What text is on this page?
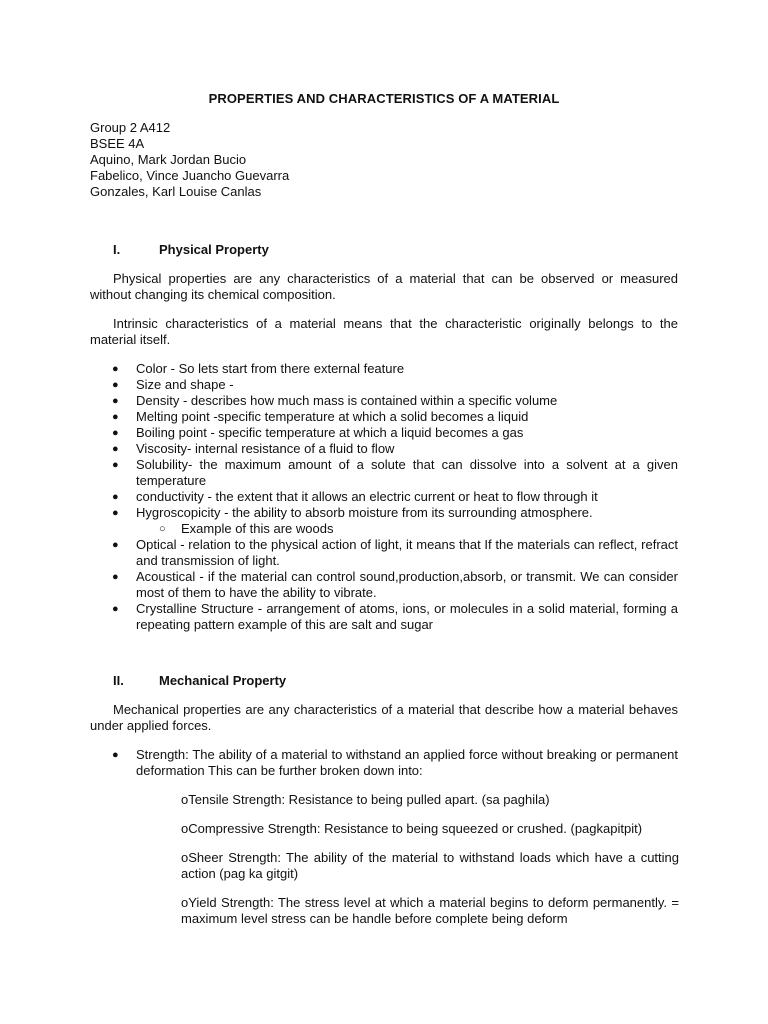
PROPERTIES AND CHARACTERISTICS OF A MATERIAL
Group 2 A412
BSEE 4A
Aquino, Mark Jordan Bucio
Fabelico, Vince Juancho Guevarra
Gonzales, Karl Louise Canlas
I.	Physical Property
Physical properties are any characteristics of a material that can be observed or measured without changing its chemical composition.
Intrinsic characteristics of a material means that the characteristic originally belongs to the material itself.
● Color - So lets start from there external feature
● Size and shape -
● Density - describes how much mass is contained within a specific volume
● Melting point -specific temperature at which a solid becomes a liquid
● Boiling point - specific temperature at which a liquid becomes a gas
● Viscosity- internal resistance of a fluid to flow
● Solubility- the maximum amount of a solute that can dissolve into a solvent at a given temperature
● conductivity - the extent that it allows an electric current or heat to flow through it
● Hygroscopicity - the ability to absorb moisture from its surrounding atmosphere.
○ Example of this are woods
● Optical - relation to the physical action of light, it means that If the materials can reflect, refract and transmission of light.
● Acoustical - if the material can control sound,production,absorb, or transmit. We can consider most of them to have the ability to vibrate.
● Crystalline Structure - arrangement of atoms, ions, or molecules in a solid material, forming a repeating pattern example of this are salt and sugar
II.	Mechanical Property
Mechanical properties are any characteristics of a material that describe how a material behaves under applied forces.
● Strength: The ability of a material to withstand an applied force without breaking or permanent deformation This can be further broken down into:
oTensile Strength: Resistance to being pulled apart. (sa paghila)
oCompressive Strength: Resistance to being squeezed or crushed. (pagkapitpit)
oSheer Strength: The ability of the material to withstand loads which have a cutting action (pag ka gitgit)
oYield Strength: The stress level at which a material begins to deform permanently. = maximum level stress can be handle before complete being deform
